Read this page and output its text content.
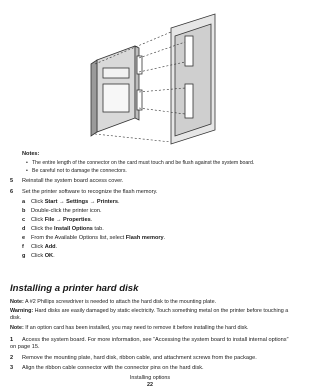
Notes:
• The entire length of the connector on the card must touch and be flush against the system board.
• Be careful not to damage the connectors.
5 Reinstall the system board access cover.
6 Set the printer software to recognize the flash memory.
a Click Start → Settings → Printers.
b Double-click the printer icon.
c Click File → Properties.
d Click the Install Options tab.
e From the Available Options list, select Flash memory.
f Click Add.
g Click OK.
Installing a printer hard disk
Note: A #2 Phillips screwdriver is needed to attach the hard disk to the mounting plate.
Warning: Hard disks are easily damaged by static electricity. Touch something metal on the printer before touching a disk.
Note: If an option card has been installed, you may need to remove it before installing the hard disk.
1 Access the system board. For more information, see “Accessing the system board to install internal options” on page 15.
2 Remove the mounting plate, hard disk, ribbon cable, and attachment screws from the package.
3 Align the ribbon cable connector with the connector pins on the hard disk.
Installing options
22
